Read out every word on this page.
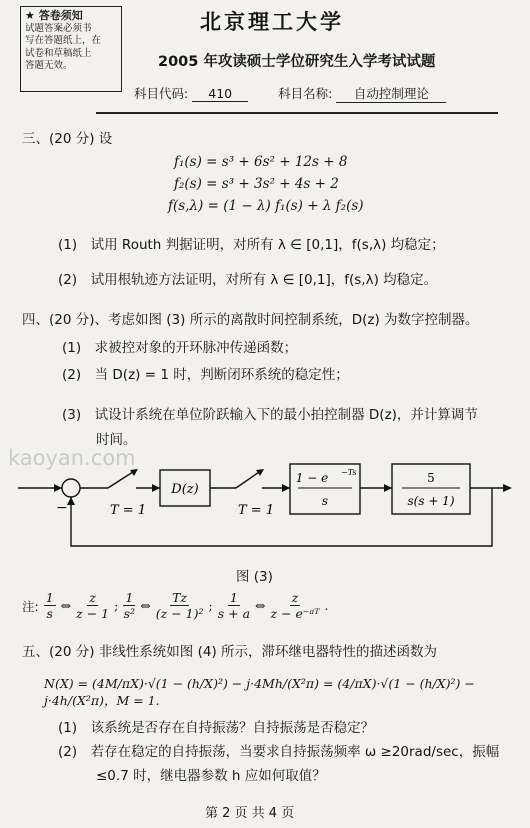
★ 答卷须知
试题答案必须书
写在答题纸上，在
试卷和草稿纸上
答题无效。
北京理工大学
2005 年攻读硕士学位研究生入学考试试题
科目代码: 410	科目名称: 自动控制理论
三、(20 分) 设
f₁(s) = s³ + 6s² + 12s + 8
f₂(s) = s³ + 3s² + 4s + 2
f(s,λ) = (1 − λ) f₁(s) + λ f₂(s)
(1)　试用 Routh 判据证明，对所有 λ ∈ [0,1]，f(s,λ) 均稳定；
(2)　试用根轨迹方法证明，对所有 λ ∈ [0,1]，f(s,λ) 均稳定。
四、(20 分)、考虑如图 (3) 所示的离散时间控制系统，D(z) 为数字控制器。
(1)　求被控对象的开环脉冲传递函数；
(2)　当 D(z) = 1 时，判断闭环系统的稳定性；
(3)　试设计系统在单位阶跃输入下的最小拍控制器 D(z)，并计算调节
时间。
kaoyan.com
−	T = 1	T = 1
D(z)
1 − e −Ts
s
5
s(s + 1)
图 (3)
注:
1
s
⇔
z
z − 1
;
1
s²
⇔
Tz
(z − 1)²
;
1
s + a
⇔
z
z − e⁻ᵃᵀ
.
五、(20 分) 非线性系统如图 (4) 所示，滞环继电器特性的描述函数为
N(X) = (4M/πX)·√(1 − (h/X)²) − j·4Mh/(X²π) = (4/πX)·√(1 − (h/X)²) − j·4h/(X²π)，M = 1.
(1)　该系统是否存在自持振荡？自持振荡是否稳定？
(2)　若存在稳定的自持振荡，当要求自持振荡频率 ω ≥20rad/sec，振幅
≤0.7 时，继电器参数 h 应如何取值？
第 2 页 共 4 页
